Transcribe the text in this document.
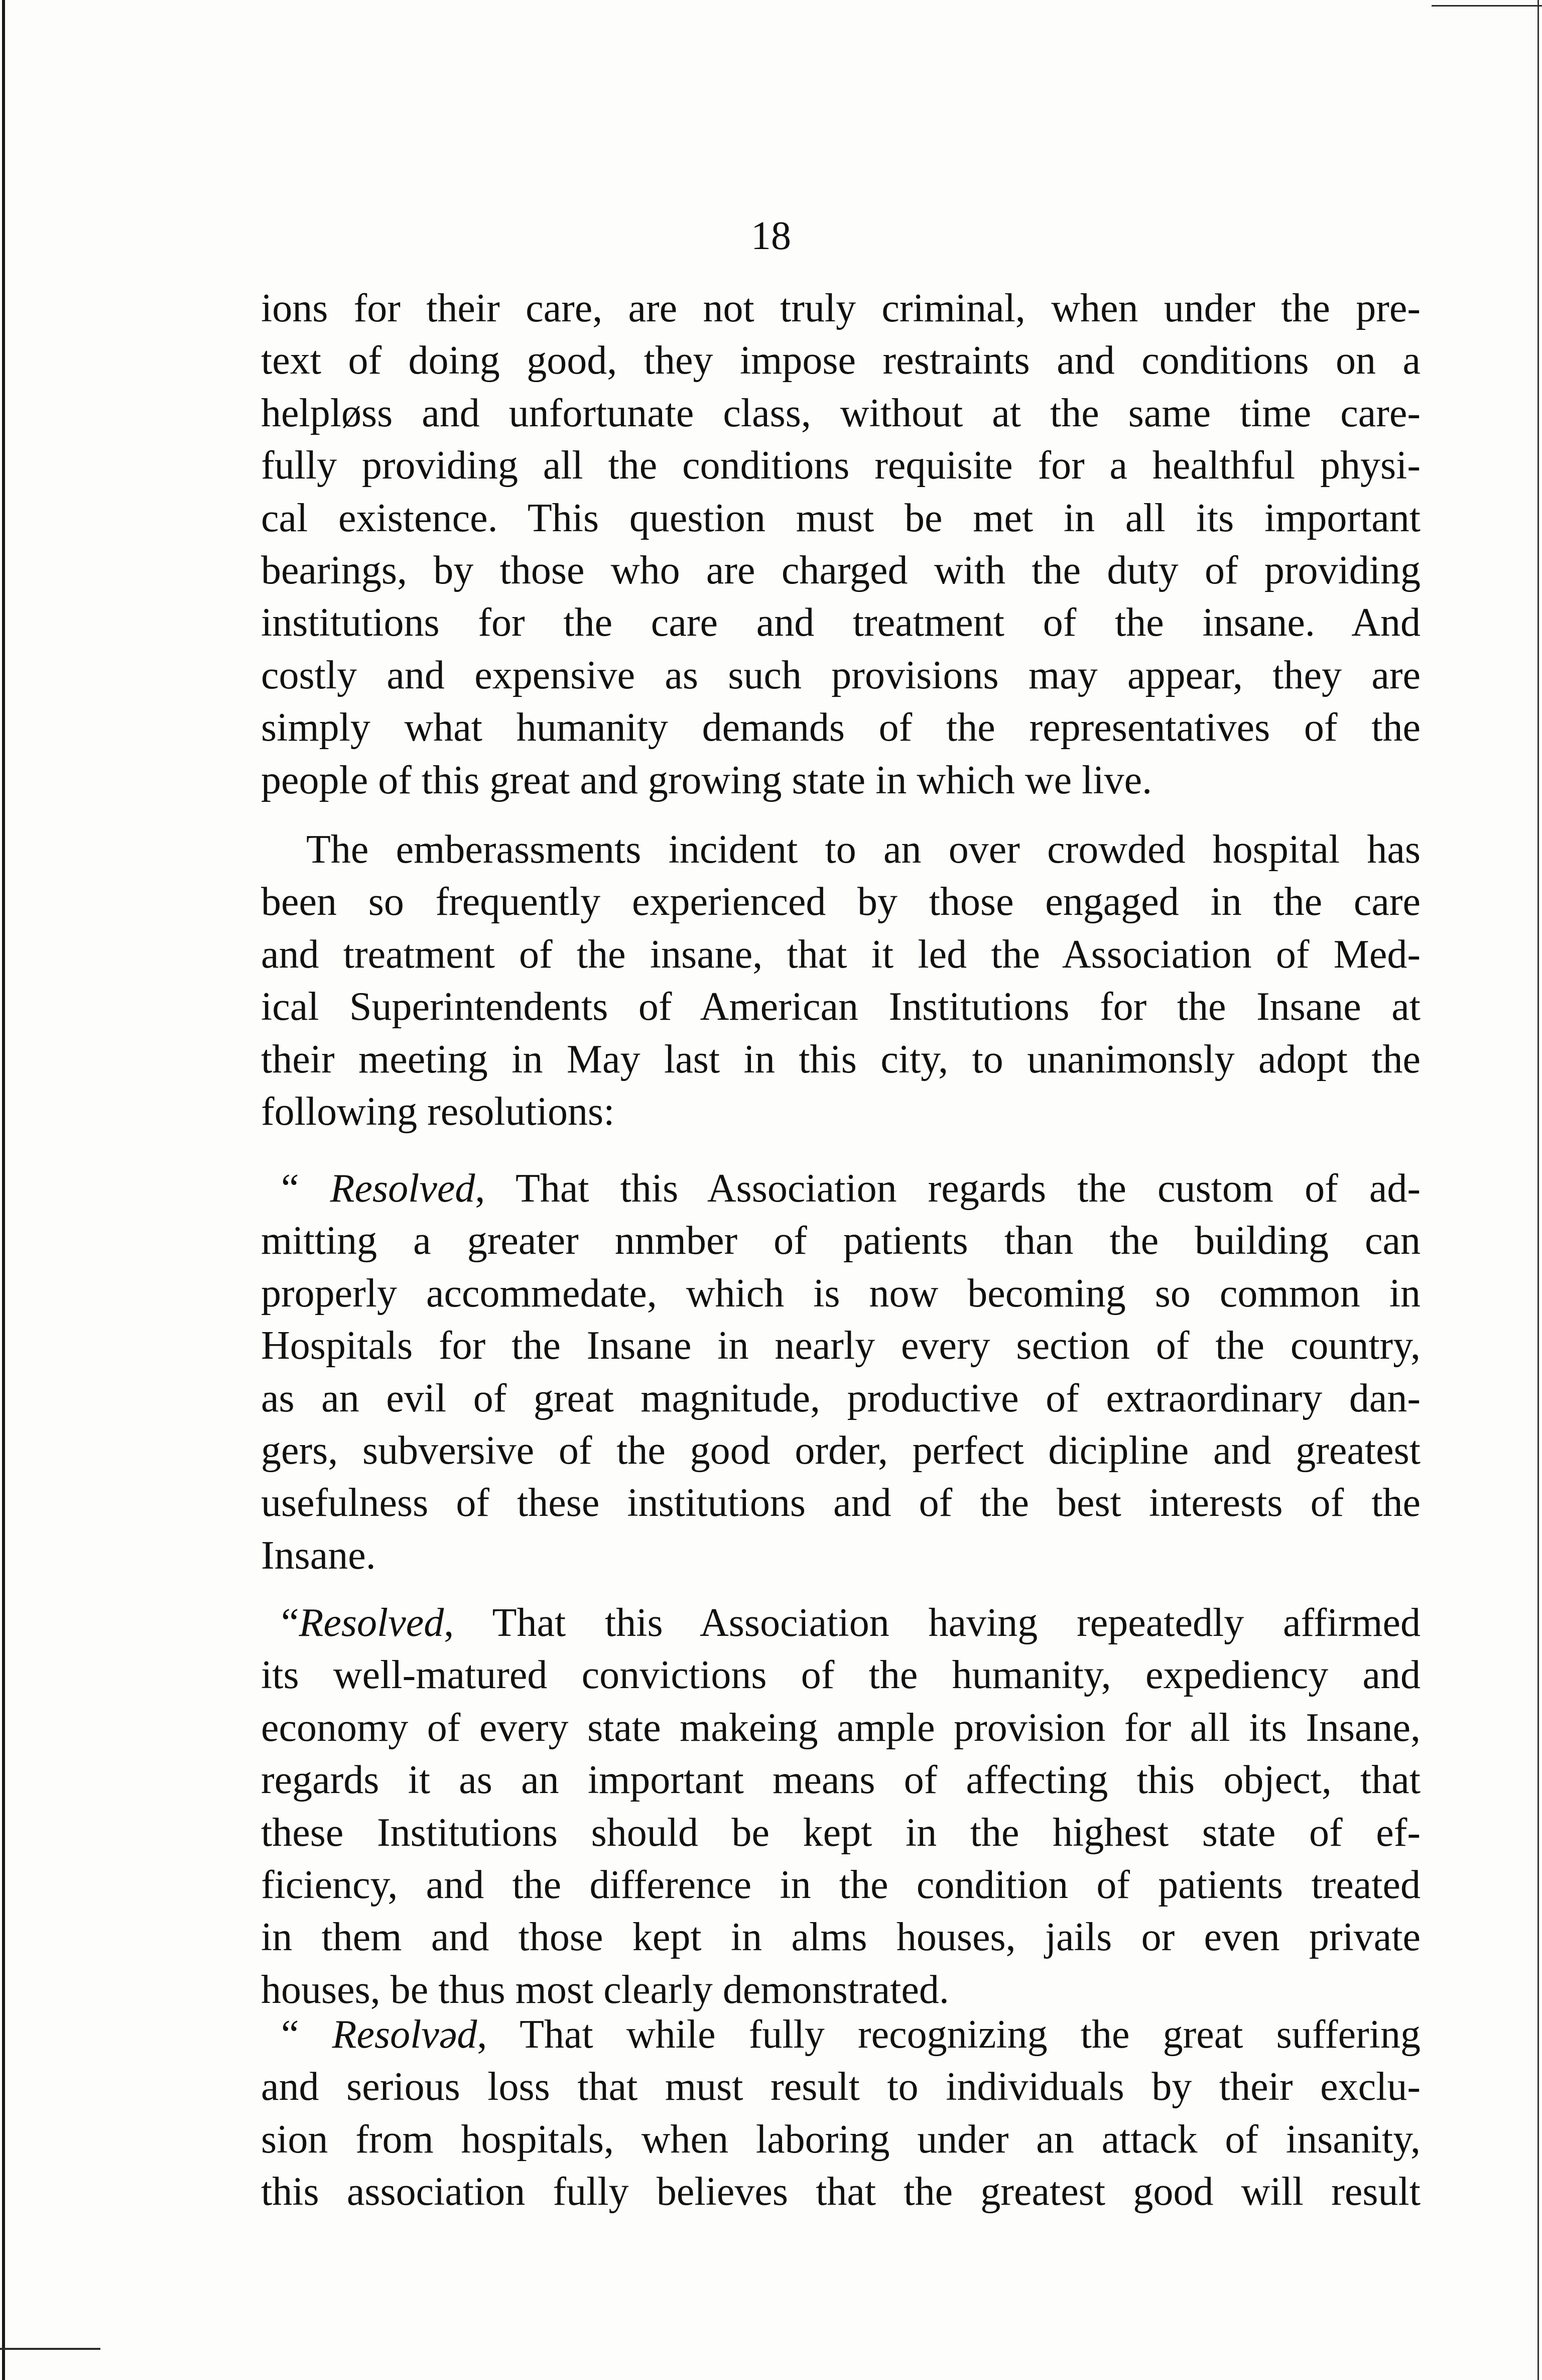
18
ions for their care, are not truly criminal, when under the pre-
text of doing good, they impose restraints and conditions on a
helpløss and unfortunate class, without at the same time care-
fully providing all the conditions requisite for a healthful physi-
cal existence. This question must be met in all its important
bearings, by those who are charged with the duty of providing
institutions for the care and treatment of the insane. And
costly and expensive as such provisions may appear, they are
simply what humanity demands of the representatives of the
people of this great and growing state in which we live.
The emberassments incident to an over crowded hospital has
been so frequently experienced by those engaged in the care
and treatment of the insane, that it led the Association of Med-
ical Superintendents of American Institutions for the Insane at
their meeting in May last in this city, to unanimonsly adopt the
following resolutions:
“ Resolved, That this Association regards the custom of ad-
mitting a greater nnmber of patients than the building can
properly accommedate, which is now becoming so common in
Hospitals for the Insane in nearly every section of the country,
as an evil of great magnitude, productive of extraordinary dan-
gers, subversive of the good order, perfect dicipline and greatest
usefulness of these institutions and of the best interests of the
Insane.
“Resolved, That this Association having repeatedly affirmed
its well-matured convictions of the humanity, expediency and
economy of every state makeing ample provision for all its Insane,
regards it as an important means of affecting this object, that
these Institutions should be kept in the highest state of ef-
ficiency, and the difference in the condition of patients treated
in them and those kept in alms houses, jails or even private
houses, be thus most clearly demonstrated.
“ Resolvəd, That while fully recognizing the great suffering
and serious loss that must result to individuals by their exclu-
sion from hospitals, when laboring under an attack of insanity,
this association fully believes that the greatest good will result
